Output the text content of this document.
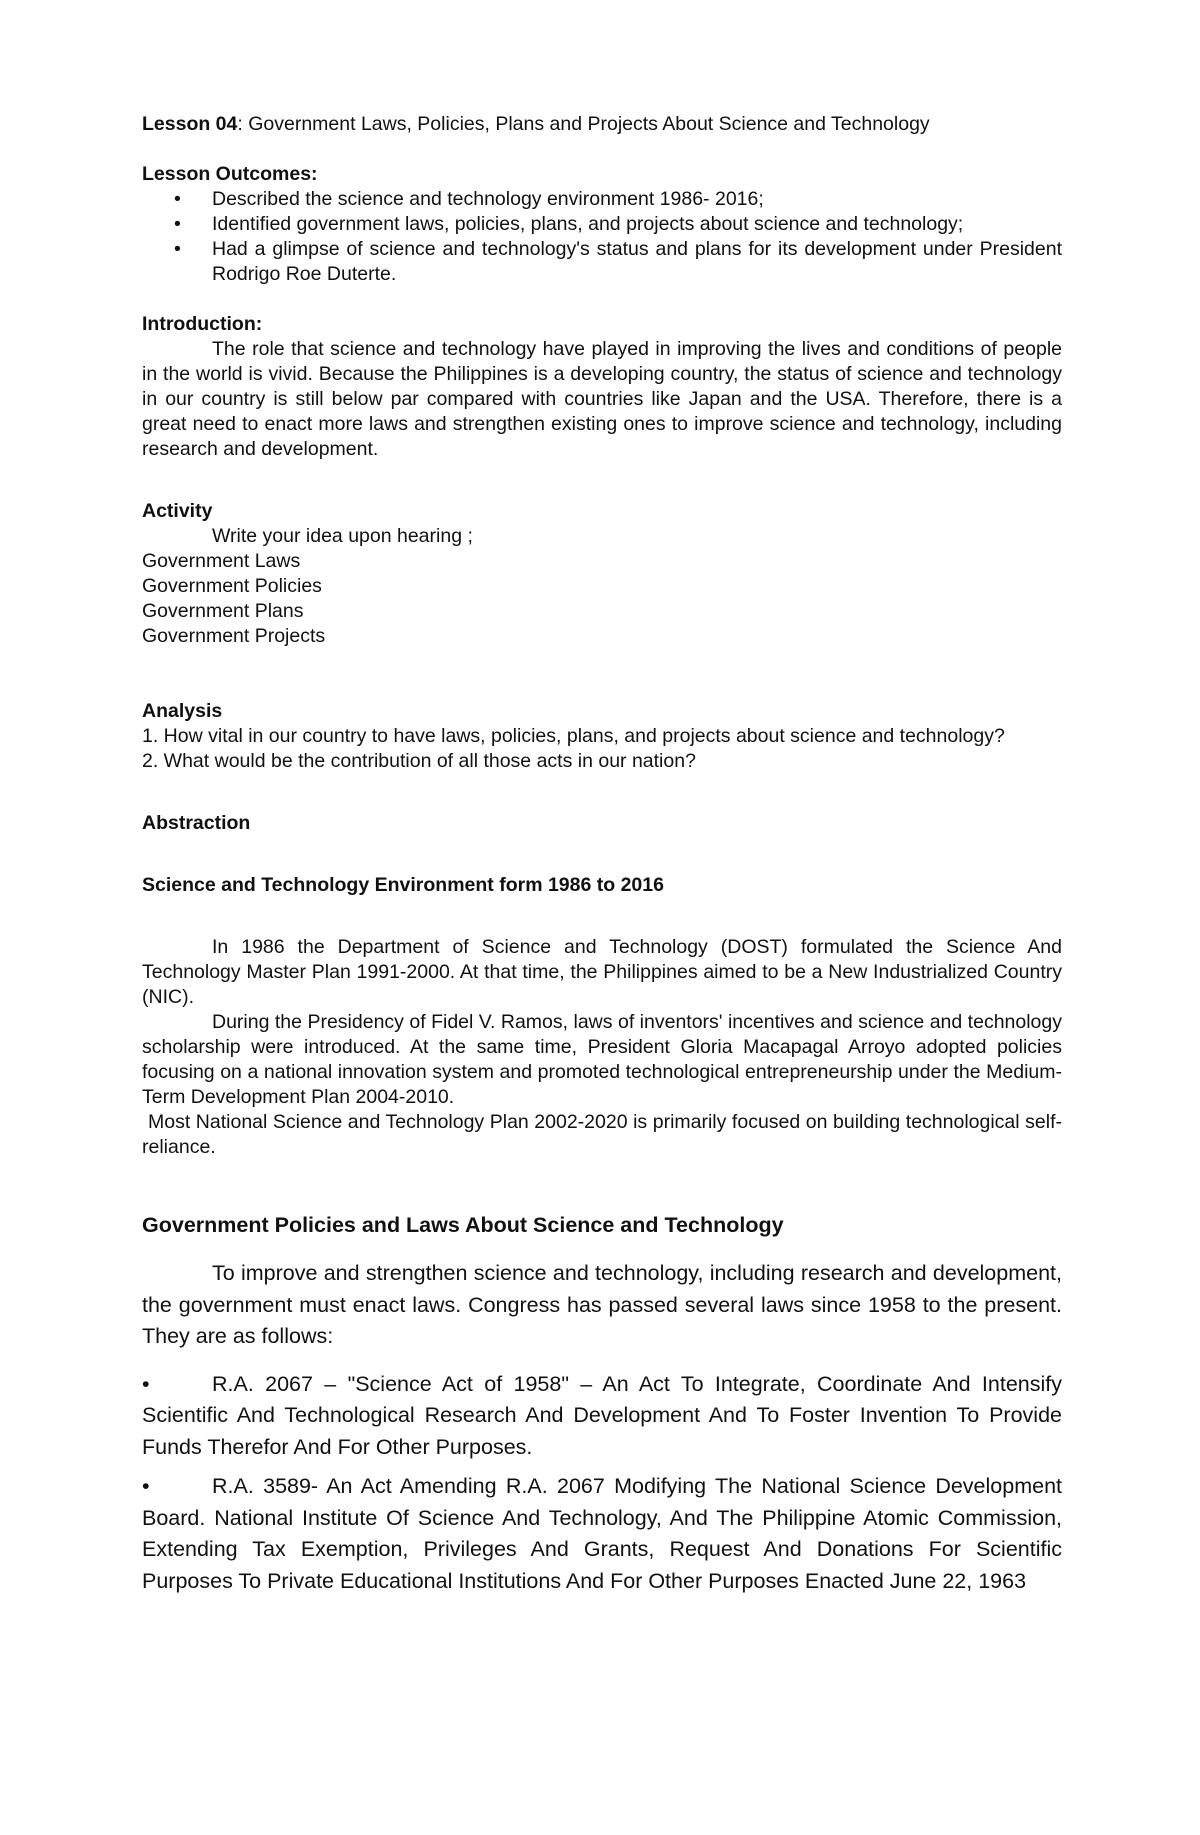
Lesson 04: Government Laws, Policies, Plans and Projects About Science and Technology

Lesson Outcomes:

• Described the science and technology environment 1986- 2016;
• Identified government laws, policies, plans, and projects about science and technology;
• Had a glimpse of science and technology's status and plans for its development under President Rodrigo Roe Duterte.

Introduction:

The role that science and technology have played in improving the lives and conditions of people in the world is vivid. Because the Philippines is a developing country, the status of science and technology in our country is still below par compared with countries like Japan and the USA. Therefore, there is a great need to enact more laws and strengthen existing ones to improve science and technology, including research and development.

Activity

Write your idea upon hearing ;

Government Laws

Government Policies

Government Plans

Government Projects

Analysis

1. How vital in our country to have laws, policies, plans, and projects about science and technology?

2. What would be the contribution of all those acts in our nation?

Abstraction

Science and Technology Environment form 1986 to 2016

In 1986 the Department of Science and Technology (DOST) formulated the Science And Technology Master Plan 1991-2000. At that time, the Philippines aimed to be a New Industrialized Country (NIC).

During the Presidency of Fidel V. Ramos, laws of inventors' incentives and science and technology scholarship were introduced. At the same time, President Gloria Macapagal Arroyo adopted policies focusing on a national innovation system and promoted technological entrepreneurship under the Medium- Term Development Plan 2004-2010.

Most National Science and Technology Plan 2002-2020 is primarily focused on building technological self-reliance.

Government Policies and Laws About Science and Technology

To improve and strengthen science and technology, including research and development, the government must enact laws. Congress has passed several laws since 1958 to the present. They are as follows:

•	R.A. 2067 – "Science Act of 1958" – An Act To Integrate, Coordinate And Intensify Scientific And Technological Research And Development And To Foster Invention To Provide Funds Therefor And For Other Purposes.

•	R.A. 3589- An Act Amending R.A. 2067 Modifying The National Science Development Board. National Institute Of Science And Technology, And The Philippine Atomic Commission, Extending Tax Exemption, Privileges And Grants, Request And Donations For Scientific Purposes To Private Educational Institutions And For Other Purposes Enacted June 22, 1963
